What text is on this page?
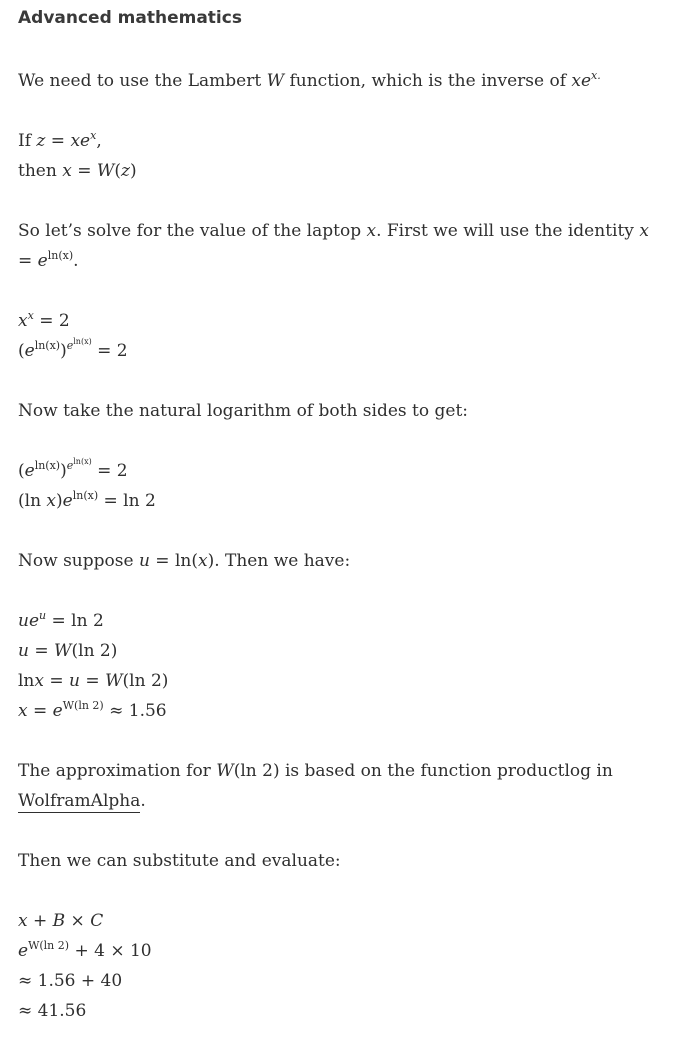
Advanced mathematics
We need to use the Lambert W function, which is the inverse of $xe^{x.}$
If $z = xe^x$,
then x = W(z)
So let’s solve for the value of the laptop x. First we will use the identity $x = e^{ln(x)}$.
$x^x = 2$
$(e^{ln(x)})^{e^{ln(x)}} = 2$
Now take the natural logarithm of both sides to get:
$(e^{ln(x)})^{e^{ln(x)}} = 2$
(ln $x)e^{ln(x)} = \ln 2$
Now suppose u = ln(x). Then we have:
$ue^u = \ln 2$
u = W(ln 2)
lnx = u = W(ln 2)
$x = e^{W(ln 2)} \approx 1.56$
The approximation for W(ln 2) is based on the function productlog in WolframAlpha.
Then we can substitute and evaluate:
x + B × C
$e^{W(ln 2)} + 4 \times 10$
≈ 1.56 + 40
≈ 41.56
